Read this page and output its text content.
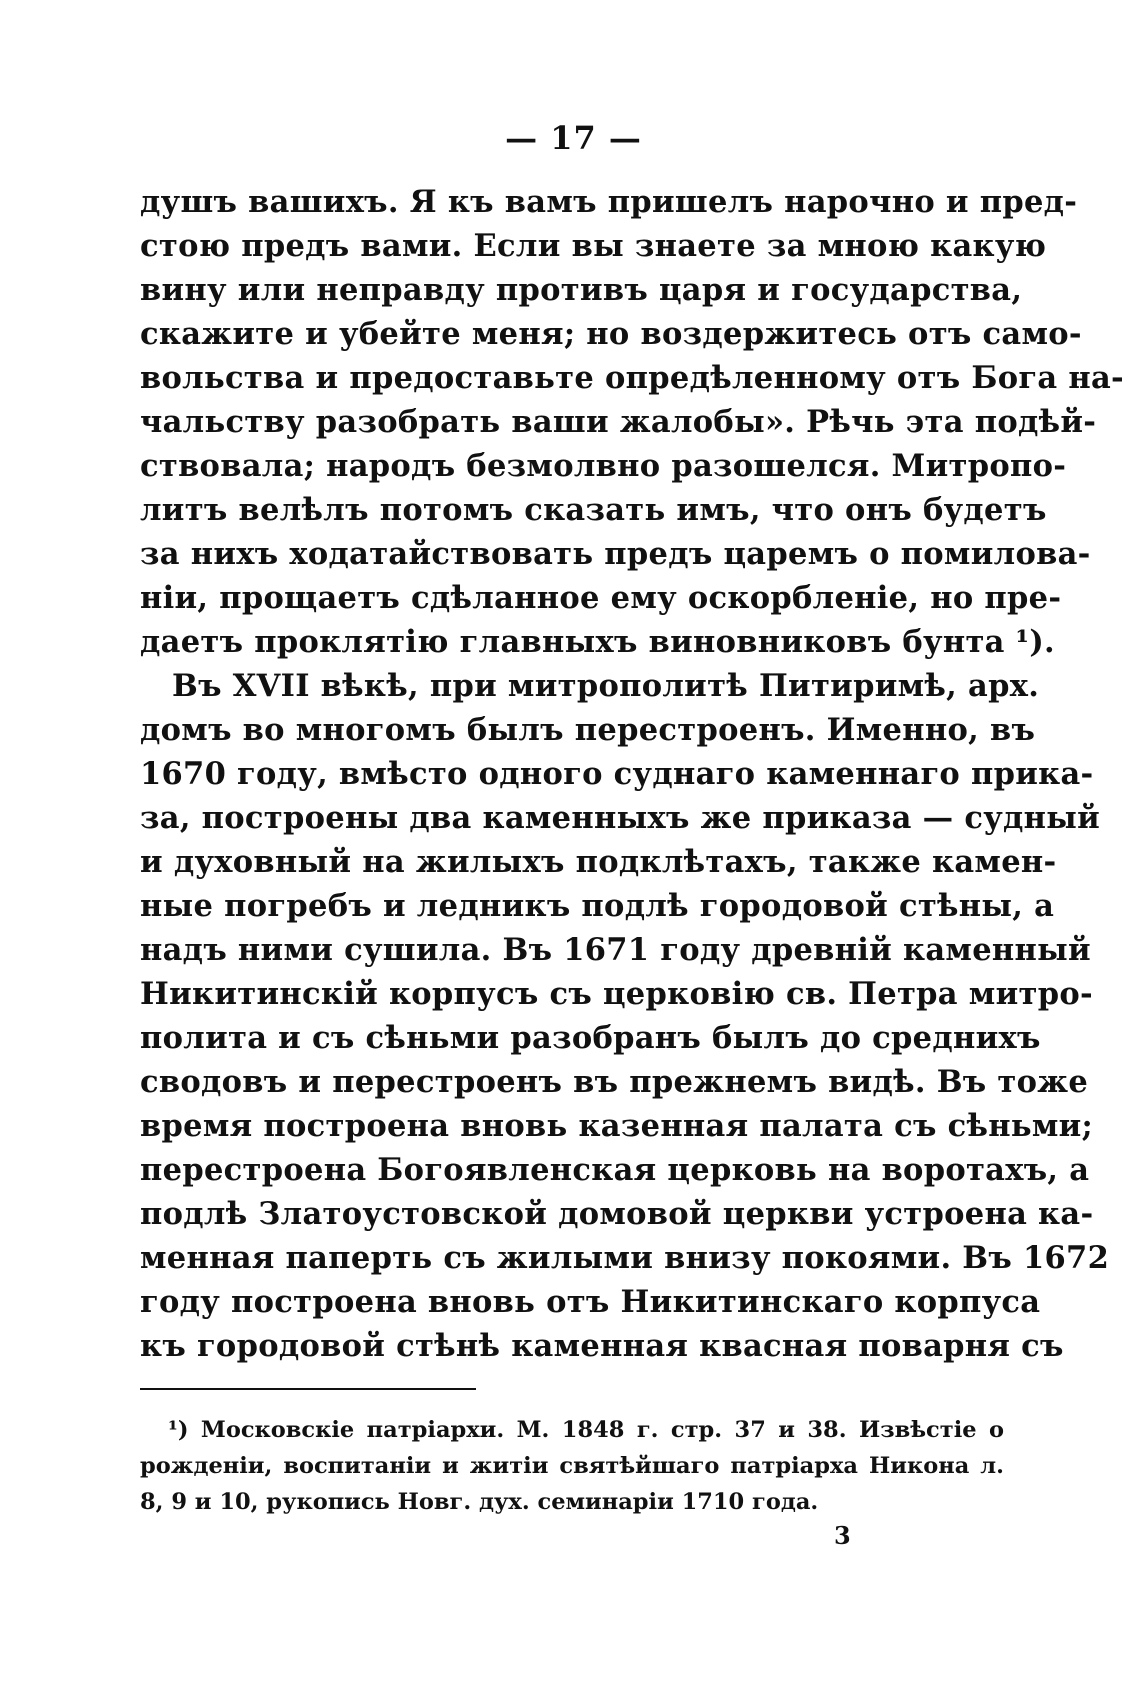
— 17 —
душъ вашихъ. Я къ вамъ пришелъ нарочно и пред-
стою предъ вами. Если вы знаете за мною какую
вину или неправду противъ царя и государства,
скажите и убейте меня; но воздержитесь отъ само-
вольства и предоставьте опредѣленному отъ Бога на-
чальству разобрать ваши жалобы». Рѣчь эта подѣй-
ствовала; народъ безмолвно разошелся. Митропо-
литъ велѣлъ потомъ сказать имъ, что онъ будетъ
за нихъ ходатайствовать предъ царемъ о помилова-
нiи, прощаетъ сдѣланное ему оскорбленiе, но пре-
даетъ проклятiю главныхъ виновниковъ бунта ¹).
Въ XVII вѣкѣ, при митрополитѣ Питиримѣ, арх.
домъ во многомъ былъ перестроенъ. Именно, въ
1670 году, вмѣсто одного суднаго каменнаго прика-
за, построены два каменныхъ же приказа — судный
и духовный на жилыхъ подклѣтахъ, также камен-
ные погребъ и ледникъ подлѣ городовой стѣны, а
надъ ними сушила. Въ 1671 году древнiй каменный
Никитинскiй корпусъ съ церковiю св. Петра митро-
полита и съ сѣньми разобранъ былъ до среднихъ
сводовъ и перестроенъ въ прежнемъ видѣ. Въ тоже
время построена вновь казенная палата съ сѣньми;
перестроена Богоявленская церковь на воротахъ, а
подлѣ Златоустовской домовой церкви устроена ка-
менная паперть съ жилыми внизу покоями. Въ 1672
году построена вновь отъ Никитинскаго корпуса
къ городовой стѣнѣ каменная квасная поварня съ
¹) Московскiе патрiархи. М. 1848 г. стр. 37 и 38. Извѣстiе о
рожденiи, воспитанiи и житiи святѣйшаго патрiарха Никона л.
8, 9 и 10, рукопись Новг. дух. семинарiи 1710 года.
3
